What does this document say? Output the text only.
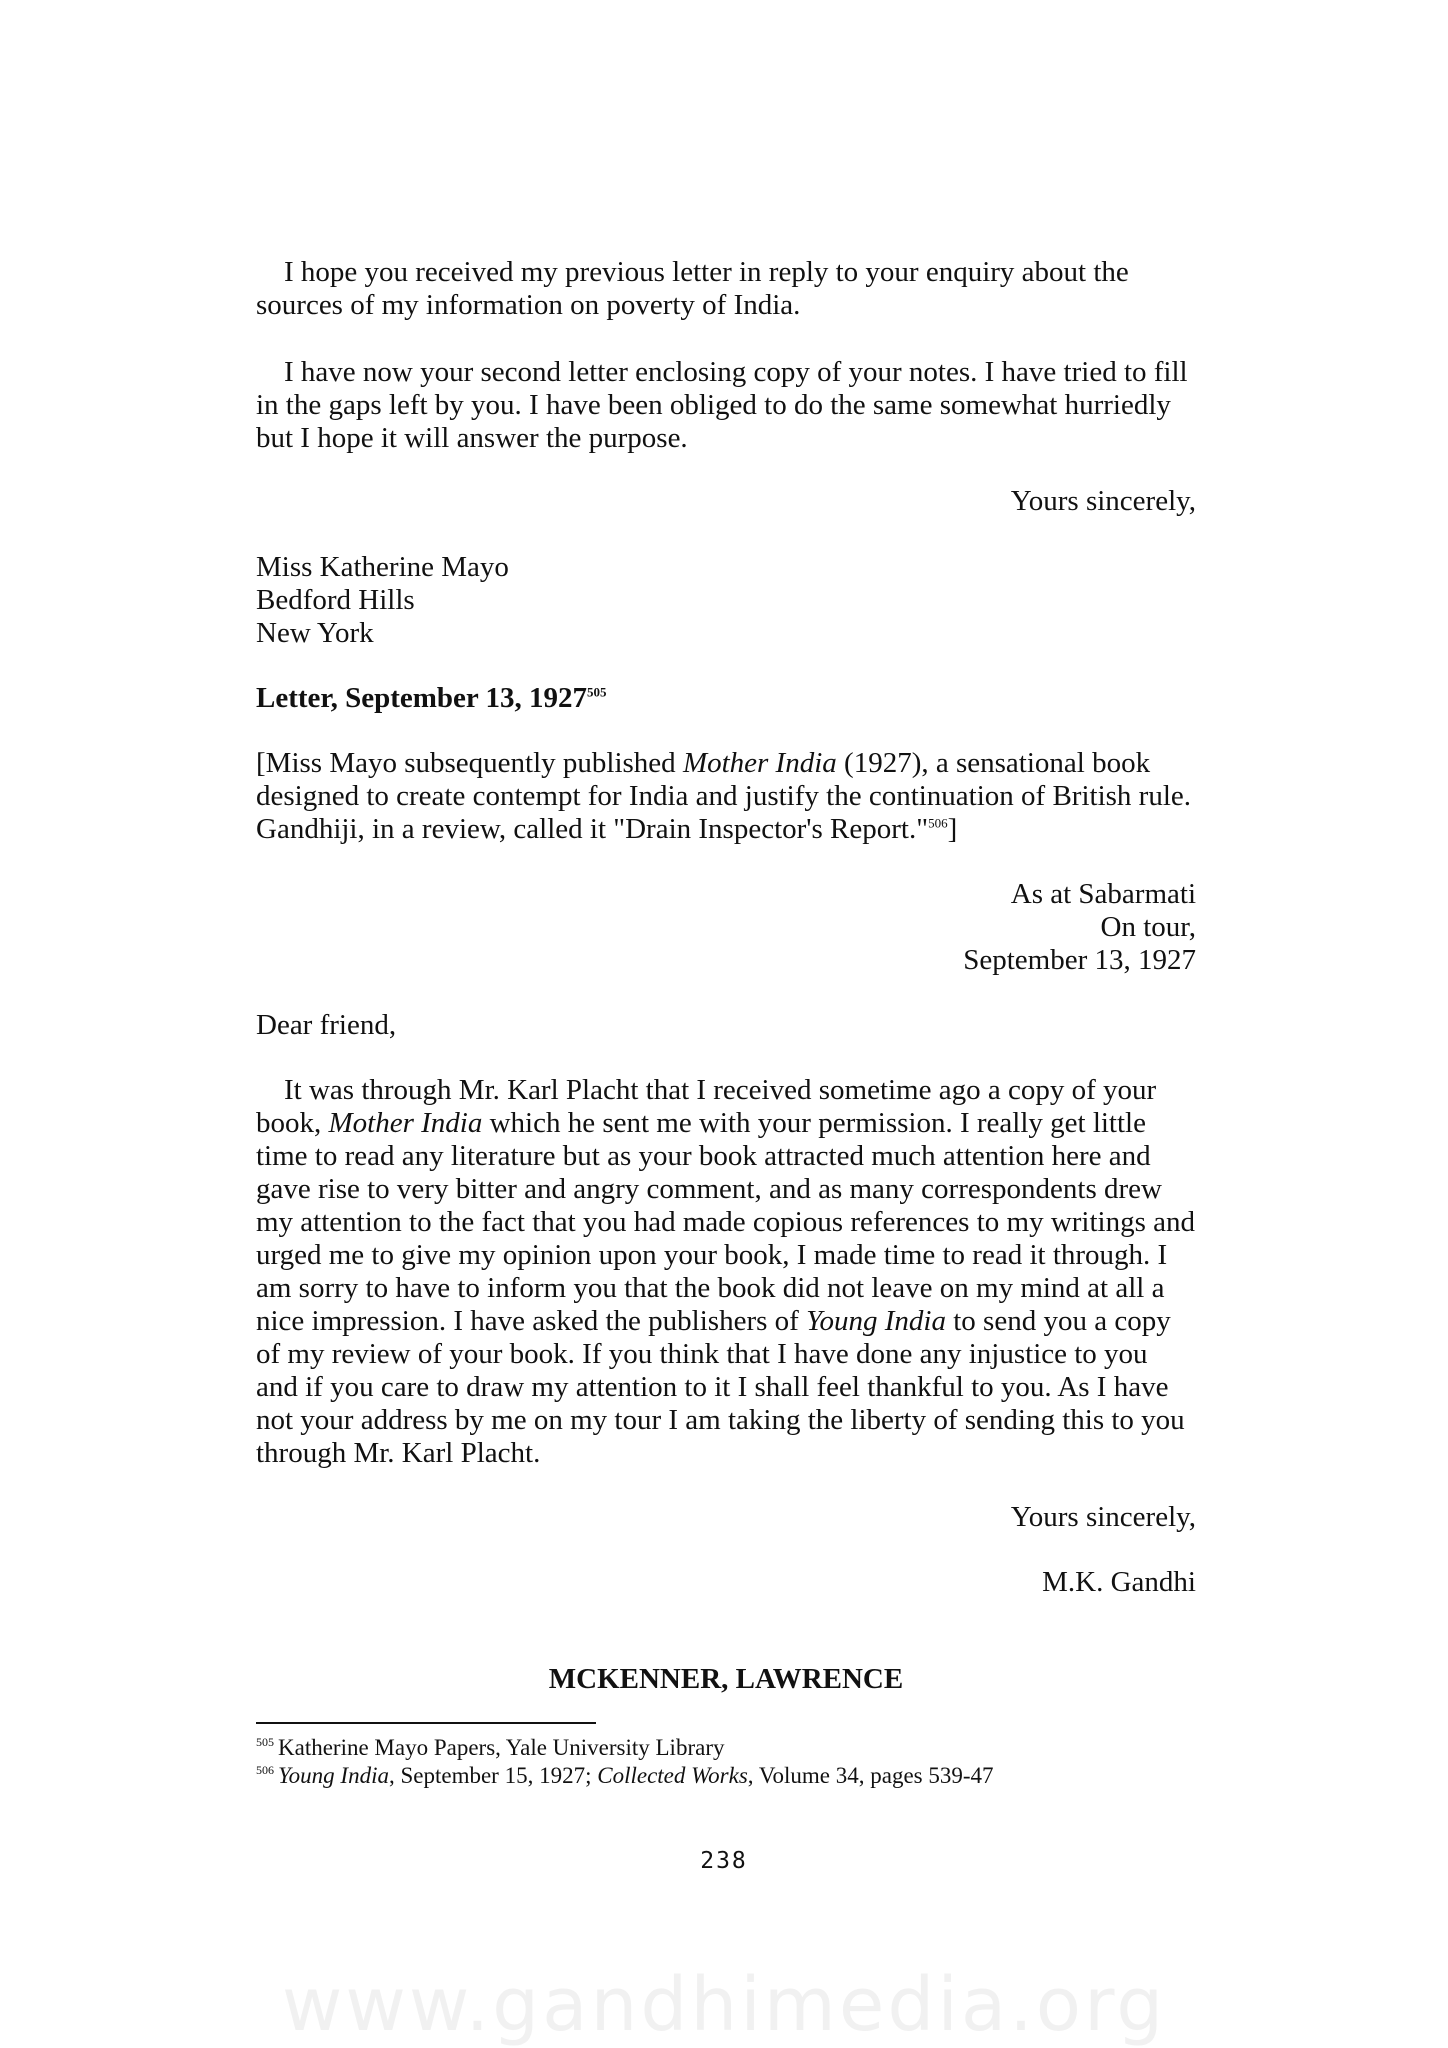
I hope you received my previous letter in reply to your enquiry about the sources of my information on poverty of India.

I have now your second letter enclosing copy of your notes. I have tried to fill in the gaps left by you. I have been obliged to do the same somewhat hurriedly but I hope it will answer the purpose.

Yours sincerely,
Miss Katherine Mayo
Bedford Hills
New York
Letter, September 13, 1927$^{505}$

[Miss Mayo subsequently published Mother India (1927), a sensational book designed to create contempt for India and justify the continuation of British rule. Gandhiji, in a review, called it "Drain Inspector's Report."$^{506}$]

As at Sabarmati
On tour,
September 13, 1927
Dear friend,

It was through Mr. Karl Placht that I received sometime ago a copy of your book, Mother India which he sent me with your permission. I really get little time to read any literature but as your book attracted much attention here and gave rise to very bitter and angry comment, and as many correspondents drew my attention to the fact that you had made copious references to my writings and urged me to give my opinion upon your book, I made time to read it through. I am sorry to have to inform you that the book did not leave on my mind at all a nice impression. I have asked the publishers of Young India to send you a copy of my review of your book. If you think that I have done any injustice to you and if you care to draw my attention to it I shall feel thankful to you. As I have not your address by me on my tour I am taking the liberty of sending this to you through Mr. Karl Placht.

Yours sincerely,
M.K. Gandhi
MCKENNER, LAWRENCE
$^{505}$ Katherine Mayo Papers, Yale University Library
$^{506}$ Young India, September 15, 1927; Collected Works, Volume 34, pages 539-47
238
www.gandhimedia.org
